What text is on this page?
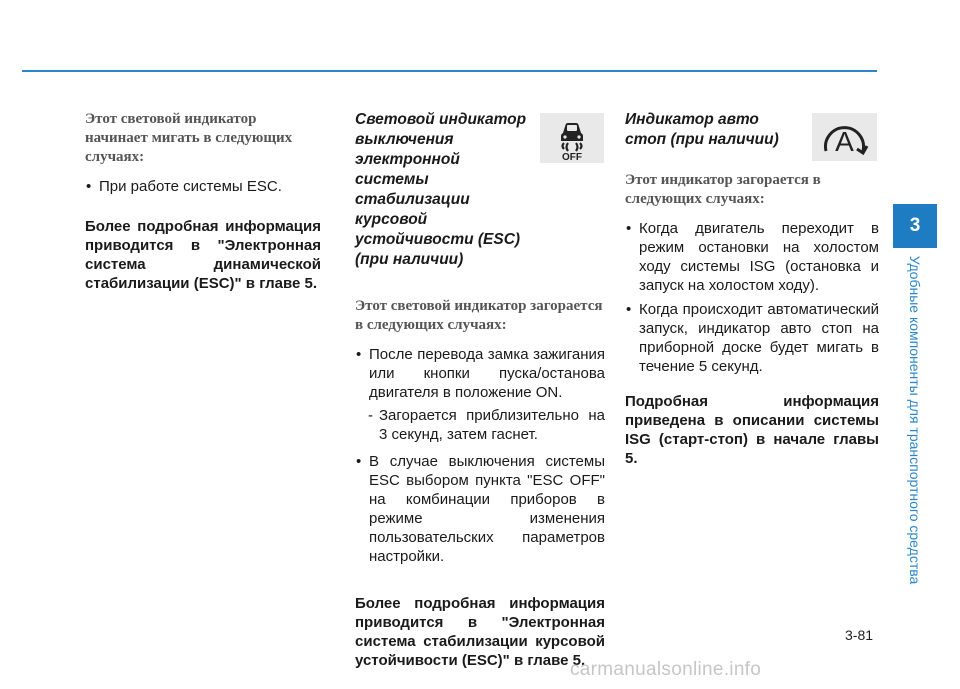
Этот световой индикатор начинает мигать в следующих случаях:

• При работе системы ESC.

Более подробная информация приводится в "Электронная система динамической стабилизации (ESC)" в главе 5.

OFF

Световой индикатор выключения электронной системы стабилизации курсовой устойчивости (ESC) (при наличии)

Этот световой индикатор загорается в следующих случаях:

• После перевода замка зажигания или кнопки пуска/останова двигателя в положение ON.

- Загорается приблизительно на 3 секунд, затем гаснет.

• В случае выключения системы ESC выбором пункта "ESC OFF" на комбинации приборов в режиме изменения пользовательских параметров настройки.

Более подробная информация приводится в "Электронная система стабилизации курсовой устойчивости (ESC)" в главе 5.

A

Индикатор авто стоп (при наличии)

Этот индикатор загорается в следующих случаях:

• Когда двигатель переходит в режим остановки на холостом ходу системы ISG (остановка и запуск на холостом ходу).

• Когда происходит автоматический запуск, индикатор авто стоп на приборной доске будет мигать в течение 5 секунд.

Подробная информация приведена в описании системы ISG (старт-стоп) в начале главы 5.

3
Удобные компоненты для транспортного средства
3-81
carmanualsonline.info
